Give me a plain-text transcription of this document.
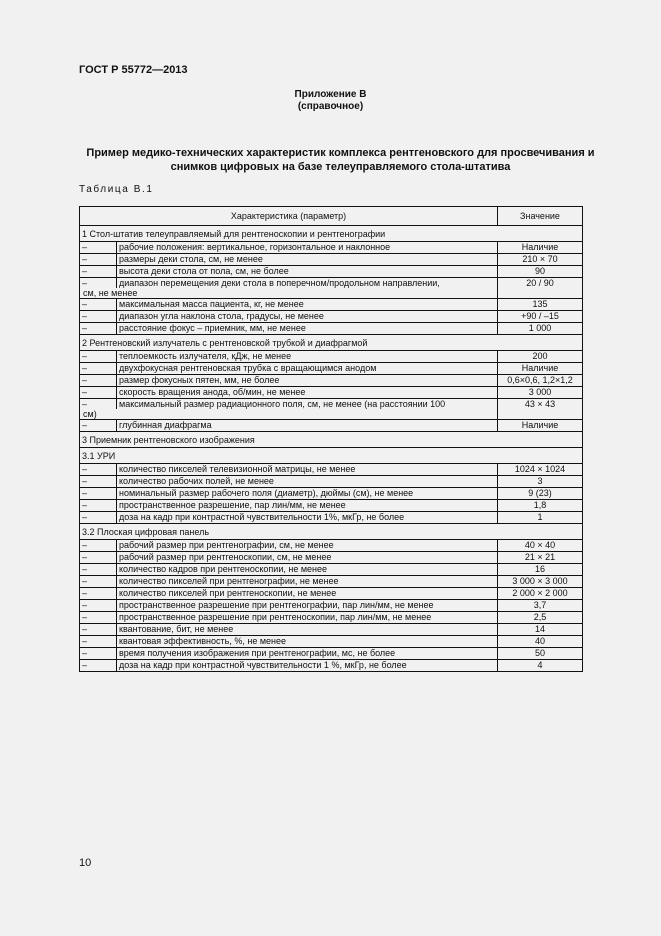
ГОСТ Р 55772—2013
Приложение В
(справочное)
Пример медико-технических характеристик комплекса рентгеновского для просвечивания и
снимков цифровых на базе телеуправляемого стола-штатива
Таблица В.1
Характеристика (параметр)		Значение
1 Стол-штатив телеуправляемый для рентгеноскопии и рентгенографии		
–	рабочие положения: вертикальное, горизонтальное и наклонное	Наличие
–	размеры деки стола, см, не менее	210 × 70
–	высота деки стола от пола, см, не более	90
–	диапазон перемещения деки стола в поперечном/продольном направлении,	20 / 90
см, не менее		
–	максимальная масса пациента, кг, не менее	135
–	диапазон угла наклона стола, градусы, не менее	+90 / –15
–	расстояние фокус – приемник, мм, не менее	1 000
2 Рентгеновский излучатель с рентгеновской трубкой и диафрагмой		
–	теплоемкость излучателя, кДж, не менее	200
–	двухфокусная рентгеновская трубка с вращающимся анодом	Наличие
–	размер фокусных пятен, мм, не более	0,6×0,6, 1,2×1,2
–	скорость вращения анода, об/мин, не менее	3 000
–	максимальный размер радиационного поля, см, не менее (на расстоянии 100	43 × 43
см)		
–	глубинная диафрагма	Наличие
3 Приемник рентгеновского изображения		
3.1 УРИ		
–	количество пикселей телевизионной матрицы, не менее	1024 × 1024
–	количество рабочих полей, не менее	3
–	номинальный размер рабочего поля (диаметр), дюймы (см), не менее	9 (23)
–	пространственное разрешение, пар лин/мм, не менее	1,8
–	доза на кадр при контрастной чувствительности 1%, мкГр, не более	1
3.2 Плоская цифровая панель		
–	рабочий размер при рентгенографии, см, не менее	40 × 40
–	рабочий размер при рентгеноскопии, см, не менее	21 × 21
–	количество кадров при рентгеноскопии, не менее	16
–	количество пикселей при рентгенографии, не менее	3 000 × 3 000
–	количество пикселей при рентгеноскопии, не менее	2 000 × 2 000
–	пространственное разрешение при рентгенографии, пар лин/мм, не менее	3,7
–	пространственное разрешение при рентгеноскопии, пар лин/мм, не менее	2,5
–	квантование, бит, не менее	14
–	квантовая эффективность, %, не менее	40
–	время получения изображения при рентгенографии, мс, не более	50
–	доза на кадр при контрастной чувствительности 1 %, мкГр, не более	4
10
